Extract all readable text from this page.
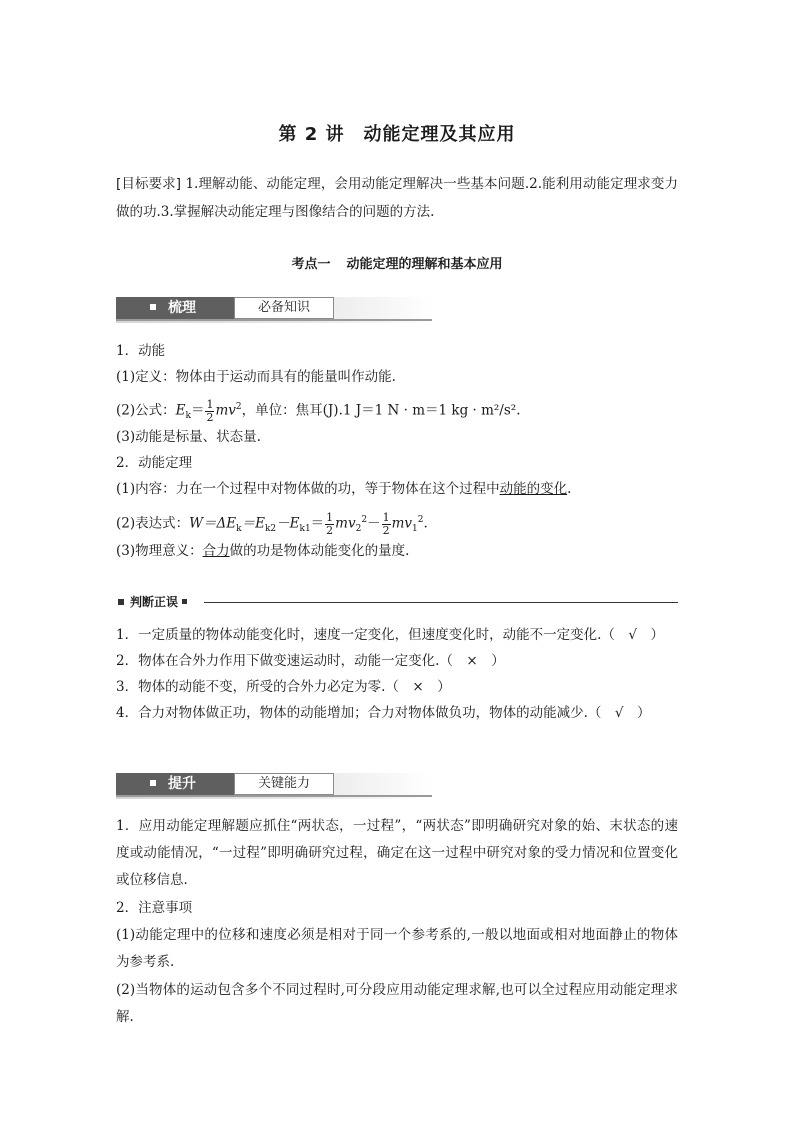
第 2 讲　动能定理及其应用
[目标要求] 1.理解动能、动能定理，会用动能定理解决一些基本问题.2.能利用动能定理求变力做的功.3.掌握解决动能定理与图像结合的问题的方法.
考点一 动能定理的理解和基本应用
梳理	必备知识
1．动能
(1)定义：物体由于运动而具有的能量叫作动能.
(2)公式：$E_k= \frac{1}{2} mv^2$，单位：焦耳(J).1 J＝1 N · m＝1 kg · m²/s².
(3)动能是标量、状态量.
2．动能定理
(1)内容：力在一个过程中对物体做的功，等于物体在这个过程中动能的变化.
(2)表达式：$W=\Delta E_k=E_{k2}-E_{k1}= \frac{1}{2} mv_2^2- \frac{1}{2} mv_1^2$.
(3)物理意义：合力做的功是物体动能变化的量度.
判断正误
1．一定质量的物体动能变化时，速度一定变化，但速度变化时，动能不一定变化.（　√　）
2．物体在合外力作用下做变速运动时，动能一定变化.（　×　）
3．物体的动能不变，所受的合外力必定为零.（　×　）
4．合力对物体做正功，物体的动能增加；合力对物体做负功，物体的动能减少.（　√　）
提升	关键能力
1．应用动能定理解题应抓住“两状态，一过程”，“两状态”即明确研究对象的始、末状态的速度或动能情况，“一过程”即明确研究过程，确定在这一过程中研究对象的受力情况和位置变化或位移信息.
2．注意事项
(1)动能定理中的位移和速度必须是相对于同一个参考系的,一般以地面或相对地面静止的物体为参考系.
(2)当物体的运动包含多个不同过程时,可分段应用动能定理求解,也可以全过程应用动能定理求解.
